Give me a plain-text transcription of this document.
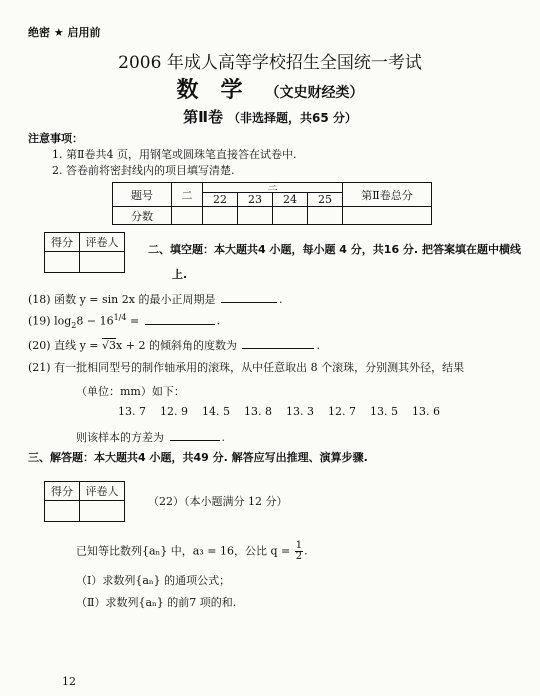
绝密 ★ 启用前
2006 年成人高等学校招生全国统一考试
数　学 （文史财经类）
第Ⅱ卷 （非选择题，共65 分）
注意事项：
1. 第Ⅱ卷共4 页，用钢笔或圆珠笔直接答在试卷中.
2. 答卷前将密封线内的项目填写清楚.
题号	二	三				第Ⅱ卷总分
		22	23	24	25	
分数						
得分	评卷人

二、填空题：本大题共4 小题，每小题 4 分，共16 分. 把答案填在题中横线
上.
(18) 函数 y = sin 2x 的最小正周期是	.
(19) $\log_28 - 16^{1/4}$ =	.
(20) 直线 y = √3x + 2 的倾斜角的度数为	.
(21) 有一批相同型号的制作轴承用的滚珠，从中任意取出 8 个滚珠，分别测其外径，结果
（单位：mm）如下：
13. 7 12. 9 14. 5 13. 8 13. 3 12. 7 13. 5 13. 6
则该样本的方差为	.
三、解答题：本大题共4 小题，共49 分. 解答应写出推理、演算步骤.
得分	评卷人

（22）（本小题满分 12 分）
已知等比数列{aₙ} 中，a₃ = 16，公比 $q = \frac{1}{2}$ .
（Ⅰ）求数列{aₙ} 的通项公式；
（Ⅱ）求数列{aₙ} 的前7 项的和.
12
